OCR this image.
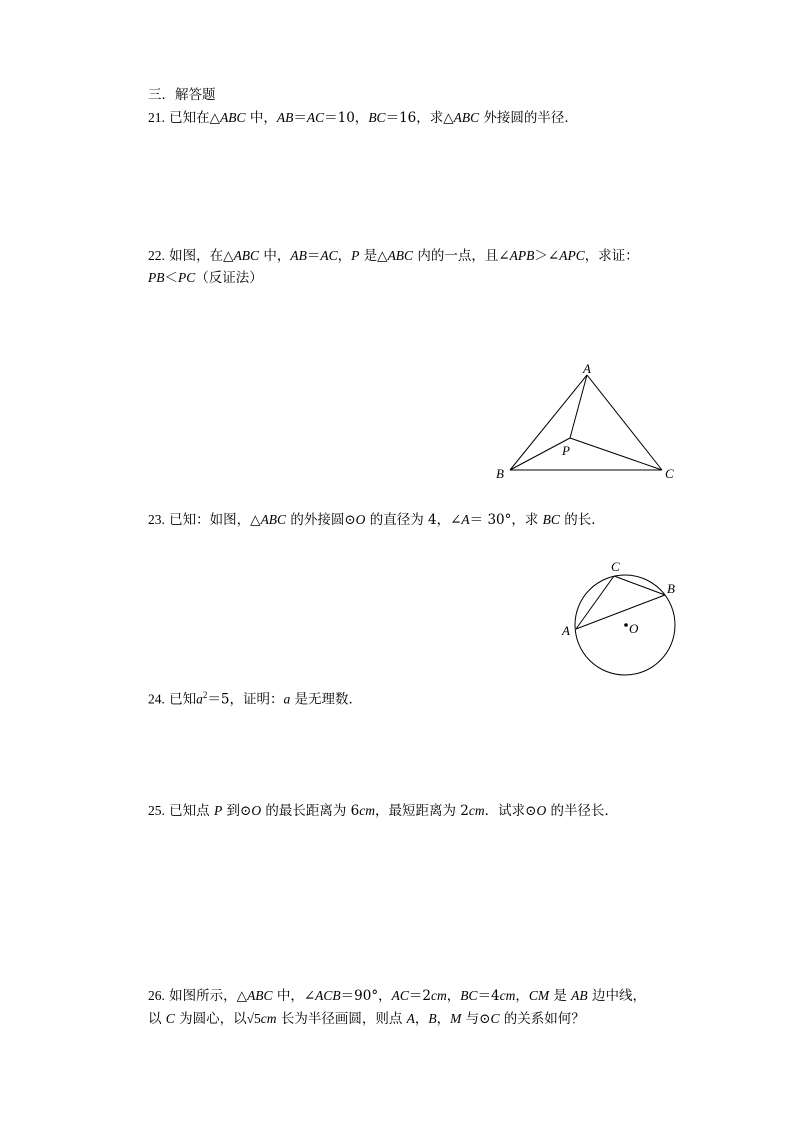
三．解答题
21. 已知在△ABC 中，AB＝AC＝10，BC＝16，求△ABC 外接圆的半径．
22. 如图，在△ABC 中，AB＝AC，P 是△ABC 内的一点，且∠APB＞∠APC，求证：
PB＜PC（反证法）
A
B	C
P
23. 已知：如图，△ABC 的外接圆⊙O 的直径为 4，∠A＝ 30°，求 BC 的长．
A
B
C
O
24. 已知$a^2=5$，证明：a 是无理数．
25. 已知点 P 到⊙O 的最长距离为 6cm，最短距离为 2cm．试求⊙O 的半径长．
26. 如图所示，△ABC 中，∠ACB＝90°，AC＝2cm，BC＝4cm，CM 是 AB 边中线，
以 C 为圆心，以√5cm 长为半径画圆，则点 A，B，M 与⊙C 的关系如何？
